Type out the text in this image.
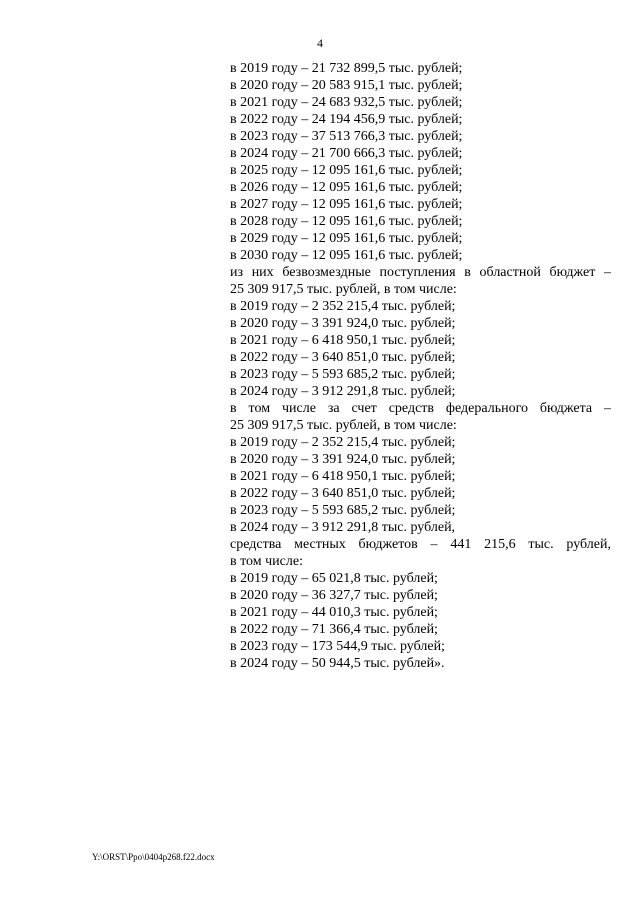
4
в 2019 году – 21 732 899,5 тыс. рублей;
в 2020 году – 20 583 915,1 тыс. рублей;
в 2021 году – 24 683 932,5 тыс. рублей;
в 2022 году – 24 194 456,9 тыс. рублей;
в 2023 году – 37 513 766,3 тыс. рублей;
в 2024 году – 21 700 666,3 тыс. рублей;
в 2025 году – 12 095 161,6 тыс. рублей;
в 2026 году – 12 095 161,6 тыс. рублей;
в 2027 году – 12 095 161,6 тыс. рублей;
в 2028 году – 12 095 161,6 тыс. рублей;
в 2029 году – 12 095 161,6 тыс. рублей;
в 2030 году – 12 095 161,6 тыс. рублей;
из них безвозмездные поступления в областной бюджет –
25 309 917,5 тыс. рублей, в том числе:
в 2019 году – 2 352 215,4 тыс. рублей;
в 2020 году – 3 391 924,0 тыс. рублей;
в 2021 году – 6 418 950,1 тыс. рублей;
в 2022 году – 3 640 851,0 тыс. рублей;
в 2023 году – 5 593 685,2 тыс. рублей;
в 2024 году – 3 912 291,8 тыс. рублей;
в том числе за счет средств федерального бюджета –
25 309 917,5 тыс. рублей, в том числе:
в 2019 году – 2 352 215,4 тыс. рублей;
в 2020 году – 3 391 924,0 тыс. рублей;
в 2021 году – 6 418 950,1 тыс. рублей;
в 2022 году – 3 640 851,0 тыс. рублей;
в 2023 году – 5 593 685,2 тыс. рублей;
в 2024 году – 3 912 291,8 тыс. рублей,
средства местных бюджетов – 441 215,6 тыс. рублей,
в том числе:
в 2019 году – 65 021,8 тыс. рублей;
в 2020 году – 36 327,7 тыс. рублей;
в 2021 году – 44 010,3 тыс. рублей;
в 2022 году – 71 366,4 тыс. рублей;
в 2023 году – 173 544,9 тыс. рублей;
в 2024 году – 50 944,5 тыс. рублей».
Y:\ORST\Ppo\0404p268.f22.docx
